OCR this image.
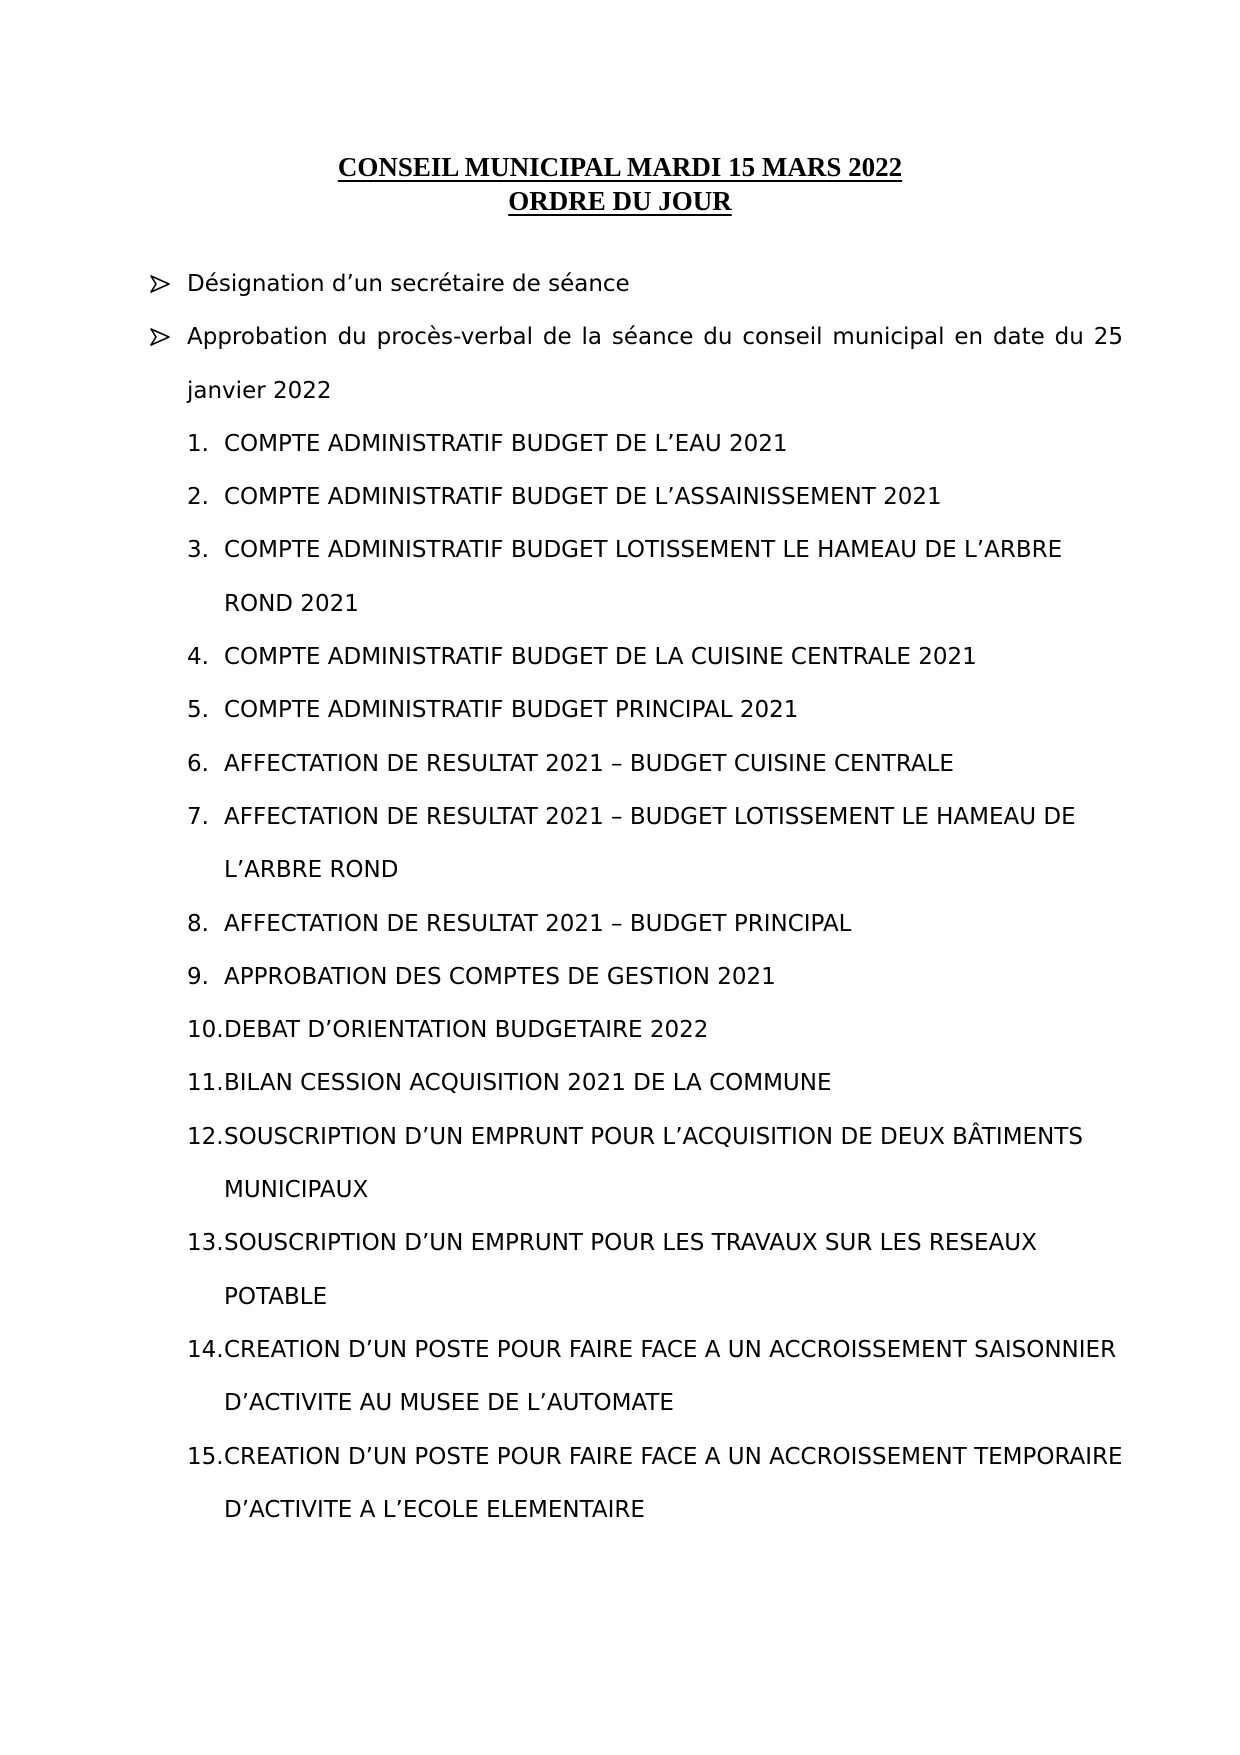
CONSEIL MUNICIPAL MARDI 15 MARS 2022
ORDRE DU JOUR
Désignation d’un secrétaire de séance
Approbation du procès-verbal de la séance du conseil municipal en date du 25 janvier 2022
1. COMPTE ADMINISTRATIF BUDGET DE L’EAU 2021
2. COMPTE ADMINISTRATIF BUDGET DE L’ASSAINISSEMENT 2021
3. COMPTE ADMINISTRATIF BUDGET LOTISSEMENT LE HAMEAU DE L’ARBRE ROND 2021
4. COMPTE ADMINISTRATIF BUDGET DE LA CUISINE CENTRALE 2021
5. COMPTE ADMINISTRATIF BUDGET PRINCIPAL 2021
6. AFFECTATION DE RESULTAT 2021 – BUDGET CUISINE CENTRALE
7. AFFECTATION DE RESULTAT 2021 – BUDGET LOTISSEMENT LE HAMEAU DE L’ARBRE ROND
8. AFFECTATION DE RESULTAT 2021 – BUDGET PRINCIPAL
9. APPROBATION DES COMPTES DE GESTION 2021
10. DEBAT D’ORIENTATION BUDGETAIRE 2022
11. BILAN CESSION ACQUISITION 2021 DE LA COMMUNE
12. SOUSCRIPTION D’UN EMPRUNT POUR L’ACQUISITION DE DEUX BÂTIMENTS MUNICIPAUX
13. SOUSCRIPTION D’UN EMPRUNT POUR LES TRAVAUX SUR LES RESEAUX POTABLE
14. CREATION D’UN POSTE POUR FAIRE FACE A UN ACCROISSEMENT SAISONNIER D’ACTIVITE AU MUSEE DE L’AUTOMATE
15. CREATION D’UN POSTE POUR FAIRE FACE A UN ACCROISSEMENT TEMPORAIRE D’ACTIVITE A L’ECOLE ELEMENTAIRE
